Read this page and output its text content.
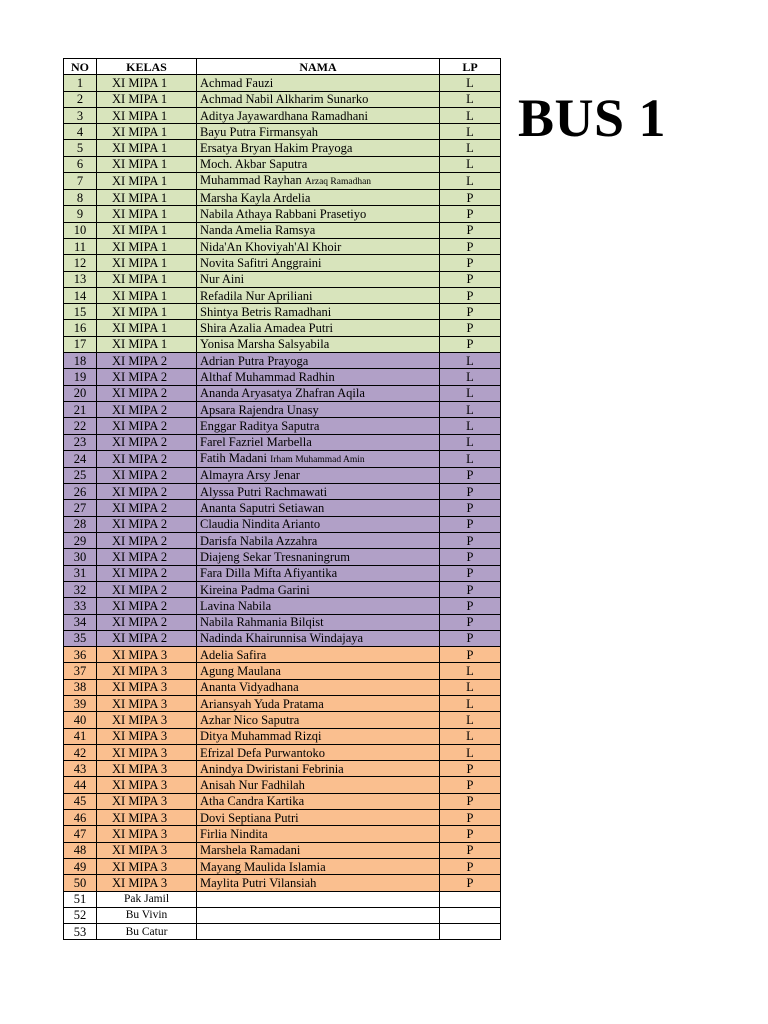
NO	KELAS	NAMA	LP
1	XI MIPA 1	Achmad Fauzi	L
2	XI MIPA 1	Achmad Nabil Alkharim Sunarko	L
3	XI MIPA 1	Aditya Jayawardhana Ramadhani	L
4	XI MIPA 1	Bayu Putra Firmansyah	L
5	XI MIPA 1	Ersatya Bryan Hakim Prayoga	L
6	XI MIPA 1	Moch. Akbar Saputra	L
7	XI MIPA 1	Muhammad Rayhan Arzaq Ramadhan	L
8	XI MIPA 1	Marsha Kayla Ardelia	P
9	XI MIPA 1	Nabila Athaya Rabbani Prasetiyo	P
10	XI MIPA 1	Nanda Amelia Ramsya	P
11	XI MIPA 1	Nida'An Khoviyah'Al Khoir	P
12	XI MIPA 1	Novita Safitri Anggraini	P
13	XI MIPA 1	Nur Aini	P
14	XI MIPA 1	Refadila Nur Apriliani	P
15	XI MIPA 1	Shintya Betris Ramadhani	P
16	XI MIPA 1	Shira Azalia Amadea Putri	P
17	XI MIPA 1	Yonisa Marsha Salsyabila	P
18	XI MIPA 2	Adrian Putra Prayoga	L
19	XI MIPA 2	Althaf Muhammad Radhin	L
20	XI MIPA 2	Ananda Aryasatya Zhafran Aqila	L
21	XI MIPA 2	Apsara Rajendra Unasy	L
22	XI MIPA 2	Enggar Raditya Saputra	L
23	XI MIPA 2	Farel Fazriel Marbella	L
24	XI MIPA 2	Fatih Madani Irham Muhammad Amin	L
25	XI MIPA 2	Almayra Arsy Jenar	P
26	XI MIPA 2	Alyssa Putri Rachmawati	P
27	XI MIPA 2	Ananta Saputri Setiawan	P
28	XI MIPA 2	Claudia Nindita Arianto	P
29	XI MIPA 2	Darisfa Nabila Azzahra	P
30	XI MIPA 2	Diajeng Sekar Tresnaningrum	P
31	XI MIPA 2	Fara Dilla Mifta Afiyantika	P
32	XI MIPA 2	Kireina Padma Garini	P
33	XI MIPA 2	Lavina Nabila	P
34	XI MIPA 2	Nabila Rahmania Bilqist	P
35	XI MIPA 2	Nadinda Khairunnisa Windajaya	P
36	XI MIPA 3	Adelia Safira	P
37	XI MIPA 3	Agung Maulana	L
38	XI MIPA 3	Ananta Vidyadhana	L
39	XI MIPA 3	Ariansyah Yuda Pratama	L
40	XI MIPA 3	Azhar Nico Saputra	L
41	XI MIPA 3	Ditya Muhammad Rizqi	L
42	XI MIPA 3	Efrizal Defa Purwantoko	L
43	XI MIPA 3	Anindya Dwiristani Febrinia	P
44	XI MIPA 3	Anisah Nur Fadhilah	P
45	XI MIPA 3	Atha Candra Kartika	P
46	XI MIPA 3	Dovi Septiana Putri	P
47	XI MIPA 3	Firlia Nindita	P
48	XI MIPA 3	Marshela Ramadani	P
49	XI MIPA 3	Mayang Maulida Islamia	P
50	XI MIPA 3	Maylita Putri Vilansiah	P
51	Pak Jamil		
52	Bu Vivin		
53	Bu Catur		
BUS 1
